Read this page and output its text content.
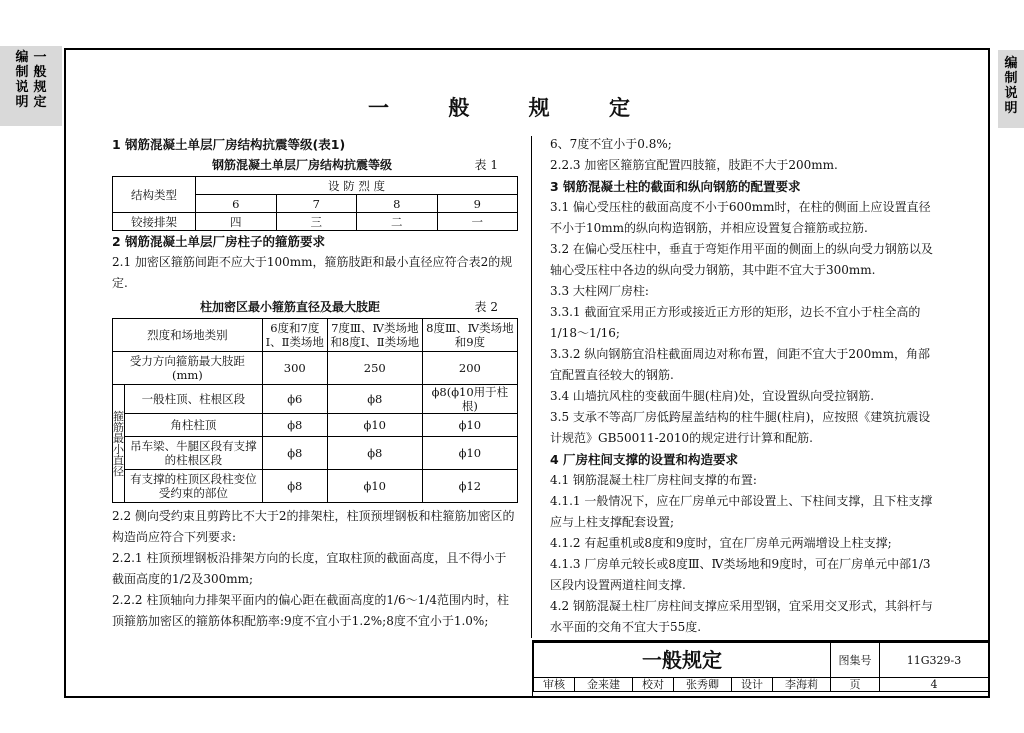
编制说明
一般规定
编制说明
一 般 规 定

1 钢筋混凝土单层厂房结构抗震等级(表1)

钢筋混凝土单层厂房结构抗震等级	表 1
结构类型	设 防 烈 度			
	6	7	8	9
铰接排架	四	三	二	一

2 钢筋混凝土单层厂房柱子的箍筋要求

2.1 加密区箍筋间距不应大于100mm，箍筋肢距和最小直径应符合表2的规定.

柱加密区最小箍筋直径及最大肢距	表 2
烈度和场地类别		6度和7度Ⅰ、Ⅱ类场地	7度Ⅲ、Ⅳ类场地和8度Ⅰ、Ⅱ类场地	8度Ⅲ、Ⅳ类场地和9度
受力方向箍筋最大肢距(mm)		300	250	200
箍筋最小直径	一般柱顶、柱根区段	ϕ6	ϕ8	ϕ8(ϕ10用于柱根)
	角柱柱顶	ϕ8	ϕ10	ϕ10
	吊车梁、牛腿区段有支撑的柱根区段	ϕ8	ϕ8	ϕ10
	有支撑的柱顶区段柱变位受约束的部位	ϕ8	ϕ10	ϕ12

2.2 侧向受约束且剪跨比不大于2的排架柱，柱顶预埋钢板和柱箍筋加密区的构造尚应符合下列要求:

2.2.1 柱顶预埋钢板沿排架方向的长度，宜取柱顶的截面高度，且不得小于截面高度的1/2及300mm;

2.2.2 柱顶轴向力排架平面内的偏心距在截面高度的1/6～1/4范围内时，柱顶箍筋加密区的箍筋体积配筋率:9度不宜小于1.2%;8度不宜小于1.0%;

6、7度不宜小于0.8%;

2.2.3 加密区箍筋宜配置四肢箍，肢距不大于200mm.

3 钢筋混凝土柱的截面和纵向钢筋的配置要求

3.1 偏心受压柱的截面高度不小于600mm时，在柱的侧面上应设置直径不小于10mm的纵向构造钢筋，并相应设置复合箍筋或拉筋.

3.2 在偏心受压柱中，垂直于弯矩作用平面的侧面上的纵向受力钢筋以及轴心受压柱中各边的纵向受力钢筋，其中距不宜大于300mm.

3.3 大柱网厂房柱:

3.3.1 截面宜采用正方形或接近正方形的矩形，边长不宜小于柱全高的1/18～1/16;

3.3.2 纵向钢筋宜沿柱截面周边对称布置，间距不宜大于200mm，角部宜配置直径较大的钢筋.

3.4 山墙抗风柱的变截面牛腿(柱肩)处，宜设置纵向受拉钢筋.

3.5 支承不等高厂房低跨屋盖结构的柱牛腿(柱肩)，应按照《建筑抗震设计规范》GB50011-2010的规定进行计算和配筋.

4 厂房柱间支撑的设置和构造要求

4.1 钢筋混凝土柱厂房柱间支撑的布置:

4.1.1 一般情况下，应在厂房单元中部设置上、下柱间支撑，且下柱支撑应与上柱支撑配套设置;

4.1.2 有起重机或8度和9度时，宜在厂房单元两端增设上柱支撑;

4.1.3 厂房单元较长或8度Ⅲ、Ⅳ类场地和9度时，可在厂房单元中部1/3区段内设置两道柱间支撑.

4.2 钢筋混凝土柱厂房柱间支撑应采用型钢，宜采用交叉形式，其斜杆与水平面的交角不宜大于55度.

一般规定						图集号	11G329-3
审核	金来建	校对	张秀卿	设计	李海莉	页	4
